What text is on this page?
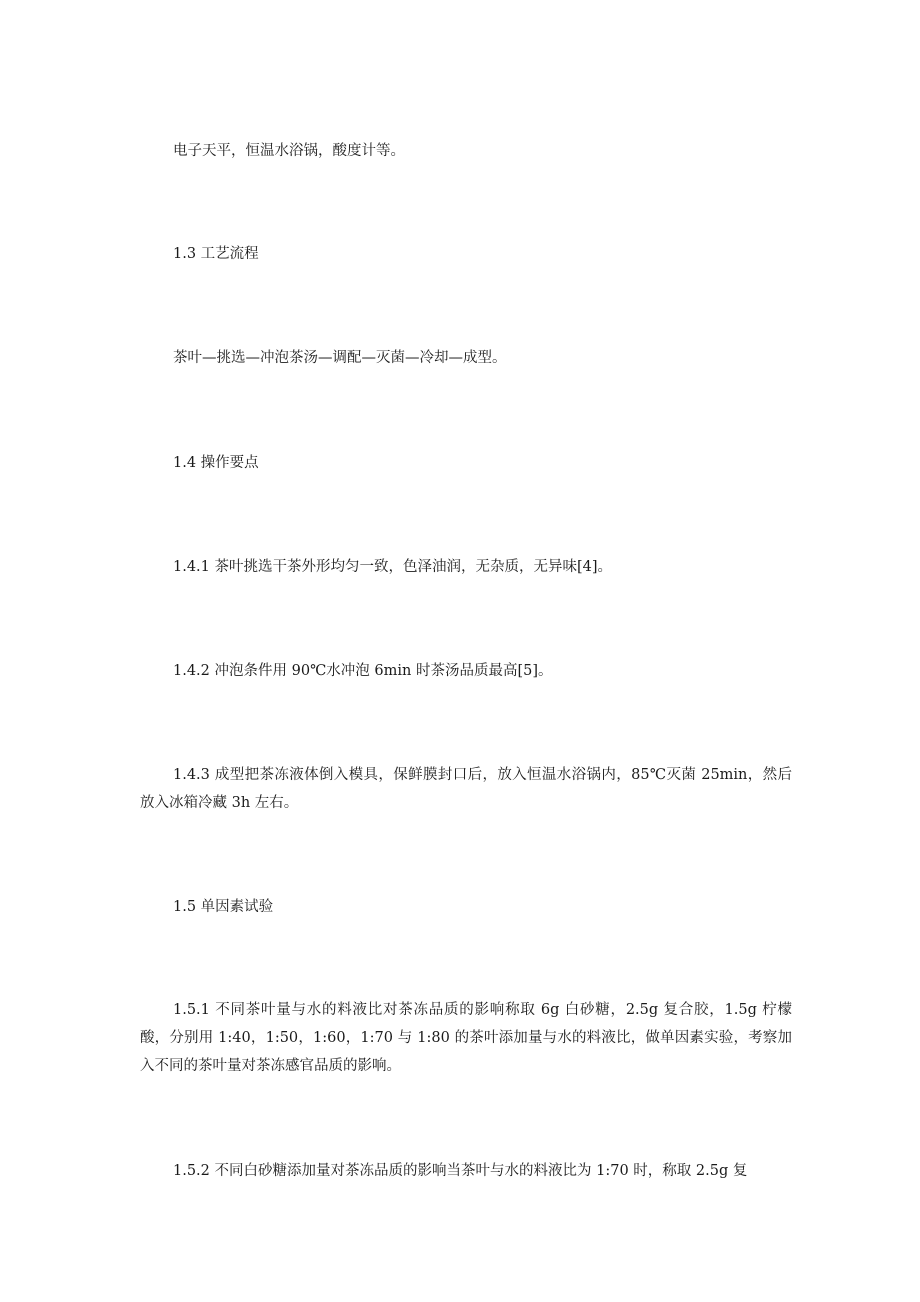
电子天平，恒温水浴锅，酸度计等。

1.3 工艺流程

茶叶—挑选—冲泡茶汤—调配—灭菌—冷却—成型。

1.4 操作要点

1.4.1 茶叶挑选干茶外形均匀一致，色泽油润，无杂质，无异味[4]。

1.4.2 冲泡条件用 90℃水冲泡 6min 时茶汤品质最高[5]。

1.4.3 成型把茶冻液体倒入模具，保鲜膜封口后，放入恒温水浴锅内，85℃灭菌 25min，然后放入冰箱冷藏 3h 左右。

1.5 单因素试验

1.5.1 不同茶叶量与水的料液比对茶冻品质的影响称取 6g 白砂糖，2.5g 复合胶，1.5g 柠檬酸，分别用 1:40，1:50，1:60，1:70 与 1:80 的茶叶添加量与水的料液比，做单因素实验，考察加入不同的茶叶量对茶冻感官品质的影响。

1.5.2 不同白砂糖添加量对茶冻品质的影响当茶叶与水的料液比为 1:70 时，称取 2.5g 复
